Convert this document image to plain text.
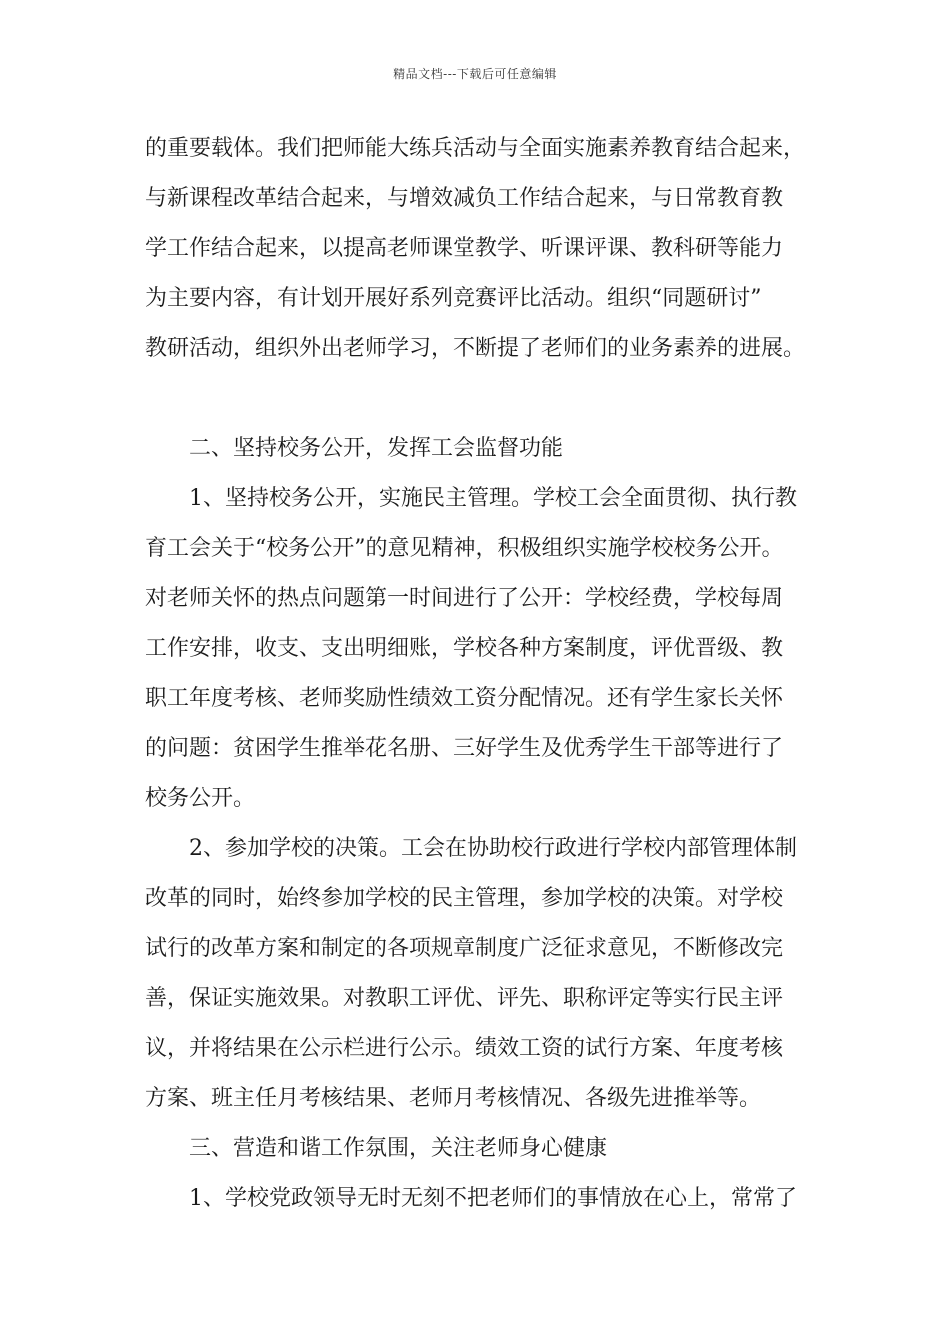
精品文档---下载后可任意编辑
的重要载体。我们把师能大练兵活动与全面实施素养教育结合起来，
与新课程改革结合起来，与增效减负工作结合起来，与日常教育教
学工作结合起来，以提高老师课堂教学、听课评课、教科研等能力
为主要内容，有计划开展好系列竞赛评比活动。组织“同题研讨”
教研活动，组织外出老师学习，不断提了老师们的业务素养的进展。
二、坚持校务公开，发挥工会监督功能
1、坚持校务公开，实施民主管理。学校工会全面贯彻、执行教
育工会关于“校务公开”的意见精神，积极组织实施学校校务公开。
对老师关怀的热点问题第一时间进行了公开：学校经费，学校每周
工作安排，收支、支出明细账，学校各种方案制度，评优晋级、教
职工年度考核、老师奖励性绩效工资分配情况。还有学生家长关怀
的问题：贫困学生推举花名册、三好学生及优秀学生干部等进行了
校务公开。
2、参加学校的决策。工会在协助校行政进行学校内部管理体制
改革的同时，始终参加学校的民主管理，参加学校的决策。对学校
试行的改革方案和制定的各项规章制度广泛征求意见，不断修改完
善，保证实施效果。对教职工评优、评先、职称评定等实行民主评
议，并将结果在公示栏进行公示。绩效工资的试行方案、年度考核
方案、班主任月考核结果、老师月考核情况、各级先进推举等。
三、营造和谐工作氛围，关注老师身心健康
1、学校党政领导无时无刻不把老师们的事情放在心上，常常了
